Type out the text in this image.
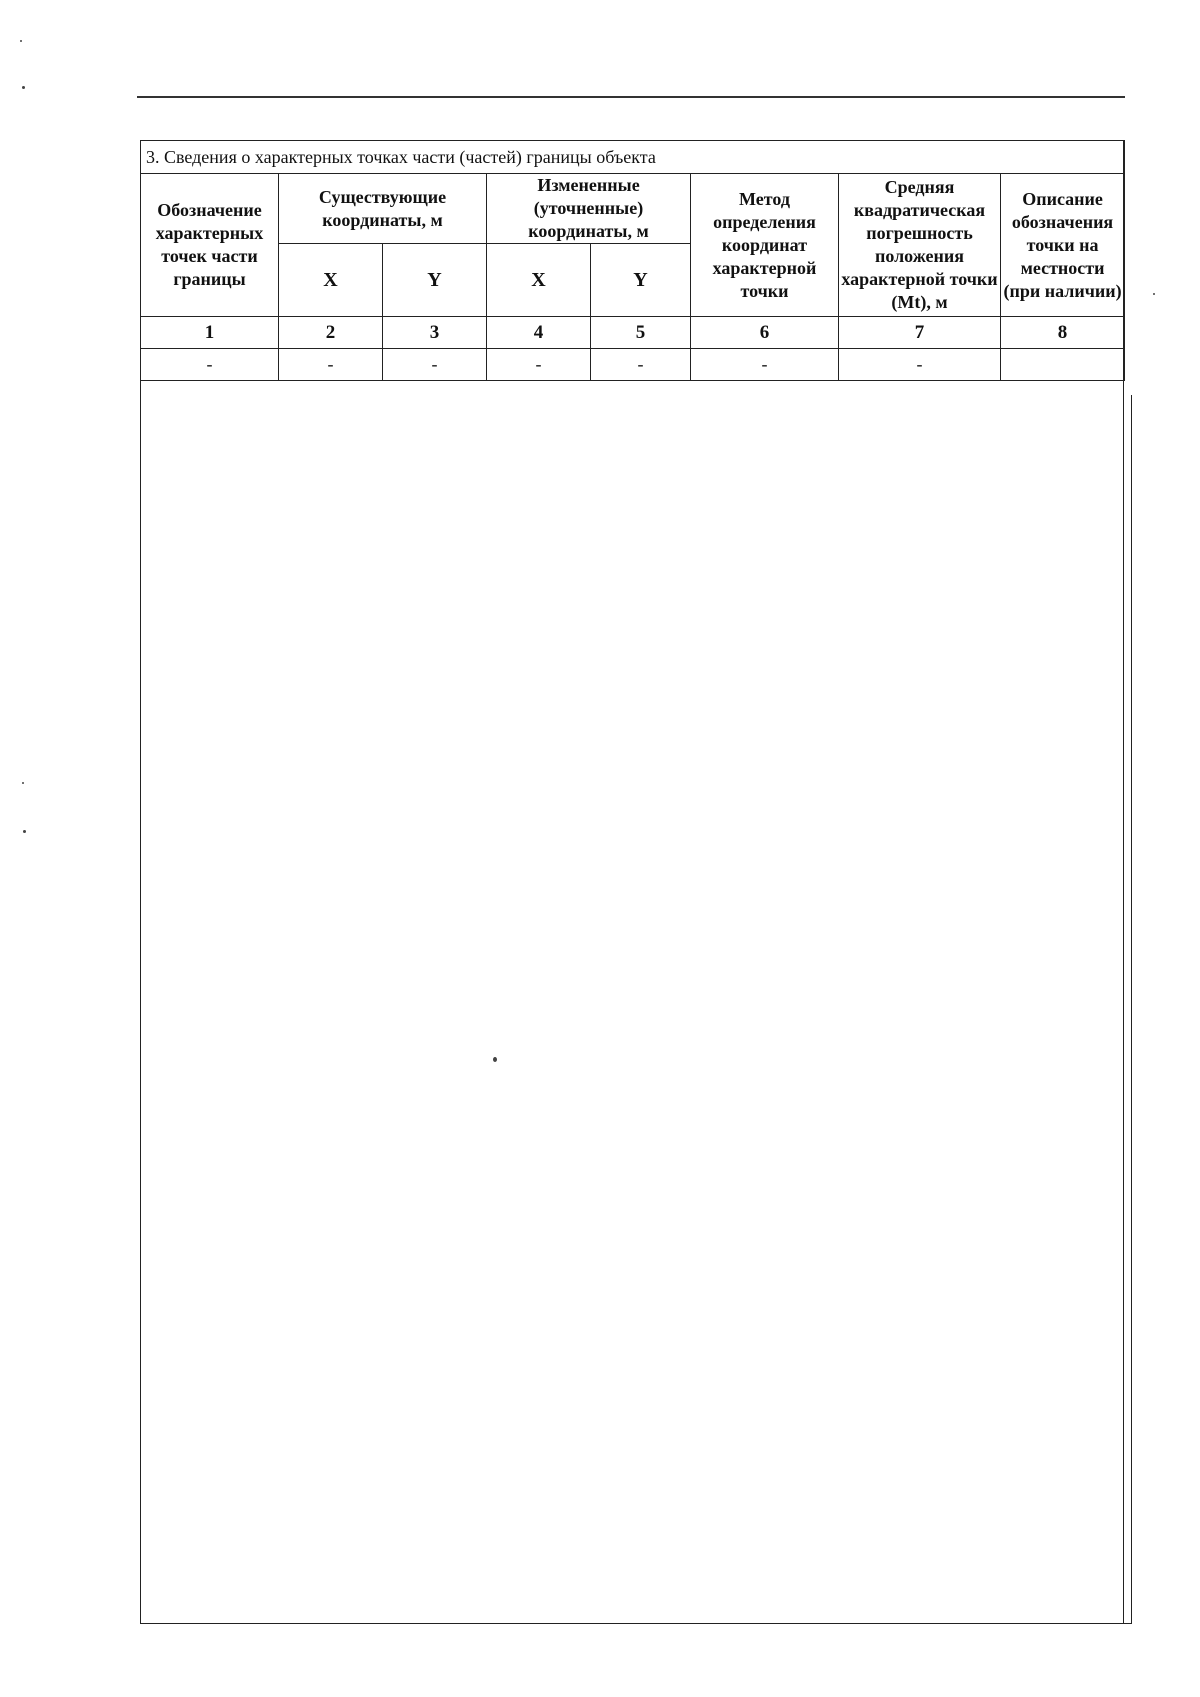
3. Сведения о характерных точках части (частей) границы объекта							
Обозначение характерных точек части границы	Существующие координаты, м		Измененные (уточненные) координаты, м		Метод определения координат характерной точки	Средняя квадратическая погрешность положения характерной точки (Mt), м	Описание обозначения точки на местности (при наличии)
	X	Y	X	Y			
1	2	3	4	5	6	7	8
-	-	-	-	-	-	-	
